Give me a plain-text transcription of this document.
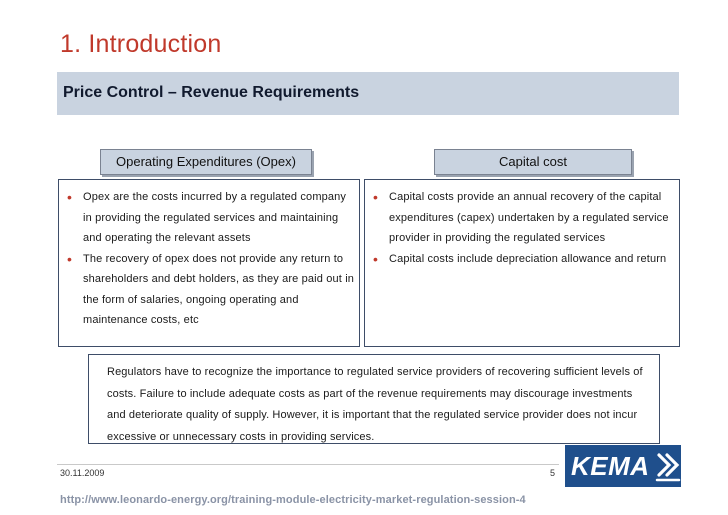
1. Introduction
Price Control – Revenue Requirements
Operating Expenditures (Opex)	Capital cost
• Opex are the costs incurred by a regulated company
in providing the regulated services and maintaining
and operating the relevant assets
• The recovery of opex does not provide any return to
shareholders and debt holders, as they are paid out in
the form of salaries, ongoing operating and
maintenance costs, etc
• Capital costs provide an annual recovery of the capital
expenditures (capex) undertaken by a regulated service
provider in providing the regulated services
• Capital costs include depreciation allowance and return
Regulators have to recognize the importance to regulated service providers of recovering sufficient levels of
costs. Failure to include adequate costs as part of the revenue requirements may discourage investments
and deteriorate quality of supply. However, it is important that the regulated service provider does not incur
excessive or unnecessary costs in providing services.
30.11.2009	5 KEMA
http://www.leonardo-energy.org/training-module-electricity-market-regulation-session-4
